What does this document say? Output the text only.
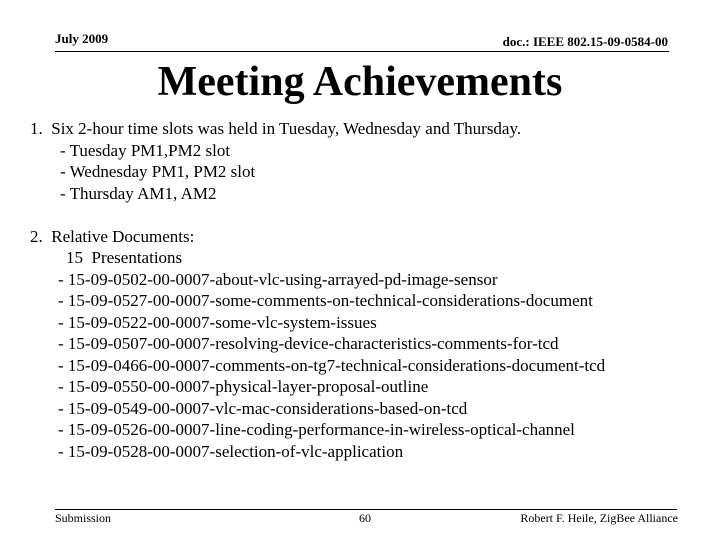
July 2009	doc.: IEEE 802.15-09-0584-00
Meeting Achievements
1.  Six 2-hour time slots was held in Tuesday, Wednesday and Thursday.
- Tuesday PM1,PM2 slot
- Wednesday PM1, PM2 slot
- Thursday AM1, AM2
2.  Relative Documents:
15  Presentations
- 15-09-0502-00-0007-about-vlc-using-arrayed-pd-image-sensor
- 15-09-0527-00-0007-some-comments-on-technical-considerations-document
- 15-09-0522-00-0007-some-vlc-system-issues
- 15-09-0507-00-0007-resolving-device-characteristics-comments-for-tcd
- 15-09-0466-00-0007-comments-on-tg7-technical-considerations-document-tcd
- 15-09-0550-00-0007-physical-layer-proposal-outline
- 15-09-0549-00-0007-vlc-mac-considerations-based-on-tcd
- 15-09-0526-00-0007-line-coding-performance-in-wireless-optical-channel
- 15-09-0528-00-0007-selection-of-vlc-application
Submission	60	Robert F. Heile, ZigBee Alliance
